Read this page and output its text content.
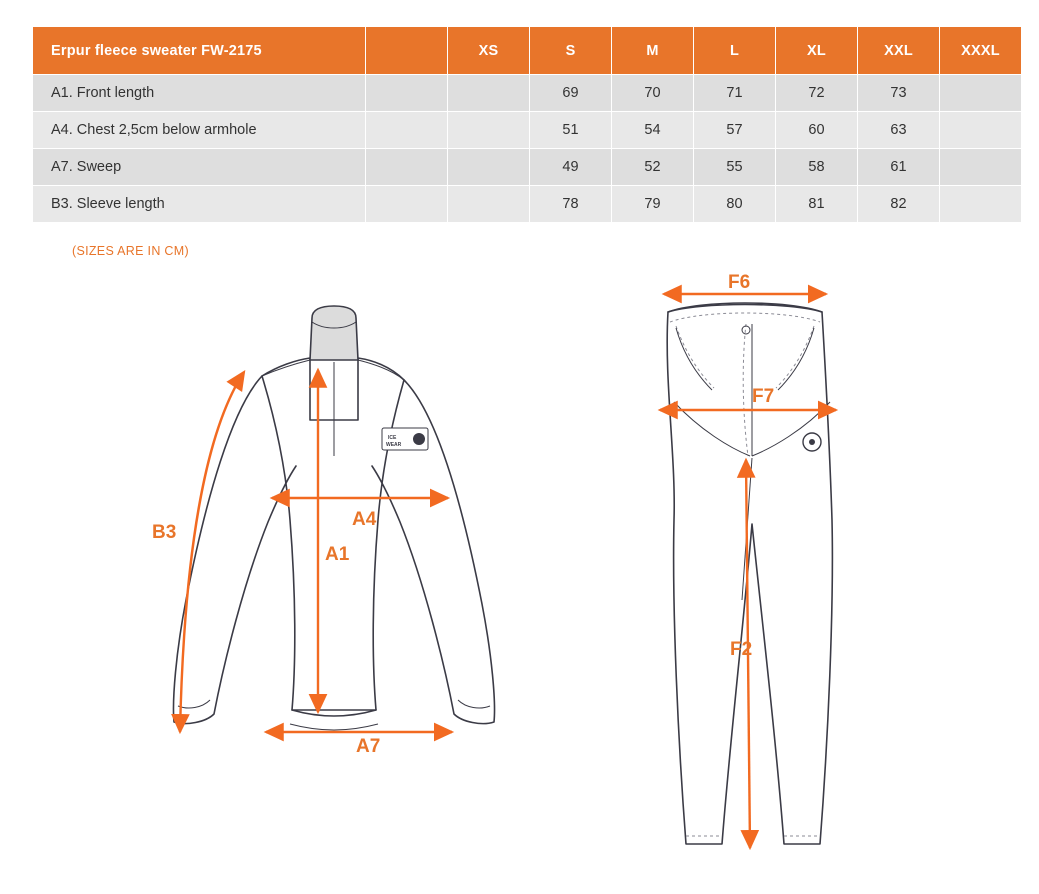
Erpur fleece sweater FW-2175		XS	S	M	L	XL	XXL	XXXL
A1. Front length			69	70	71	72	73	
A4. Chest 2,5cm below armhole			51	54	57	60	63	
A7. Sweep			49	52	55	58	61	
B3. Sleeve length			78	79	80	81	82	
(SIZES ARE IN CM)
ICE
WEAR
B3
A4
A1
A7
F6
F7
F2
